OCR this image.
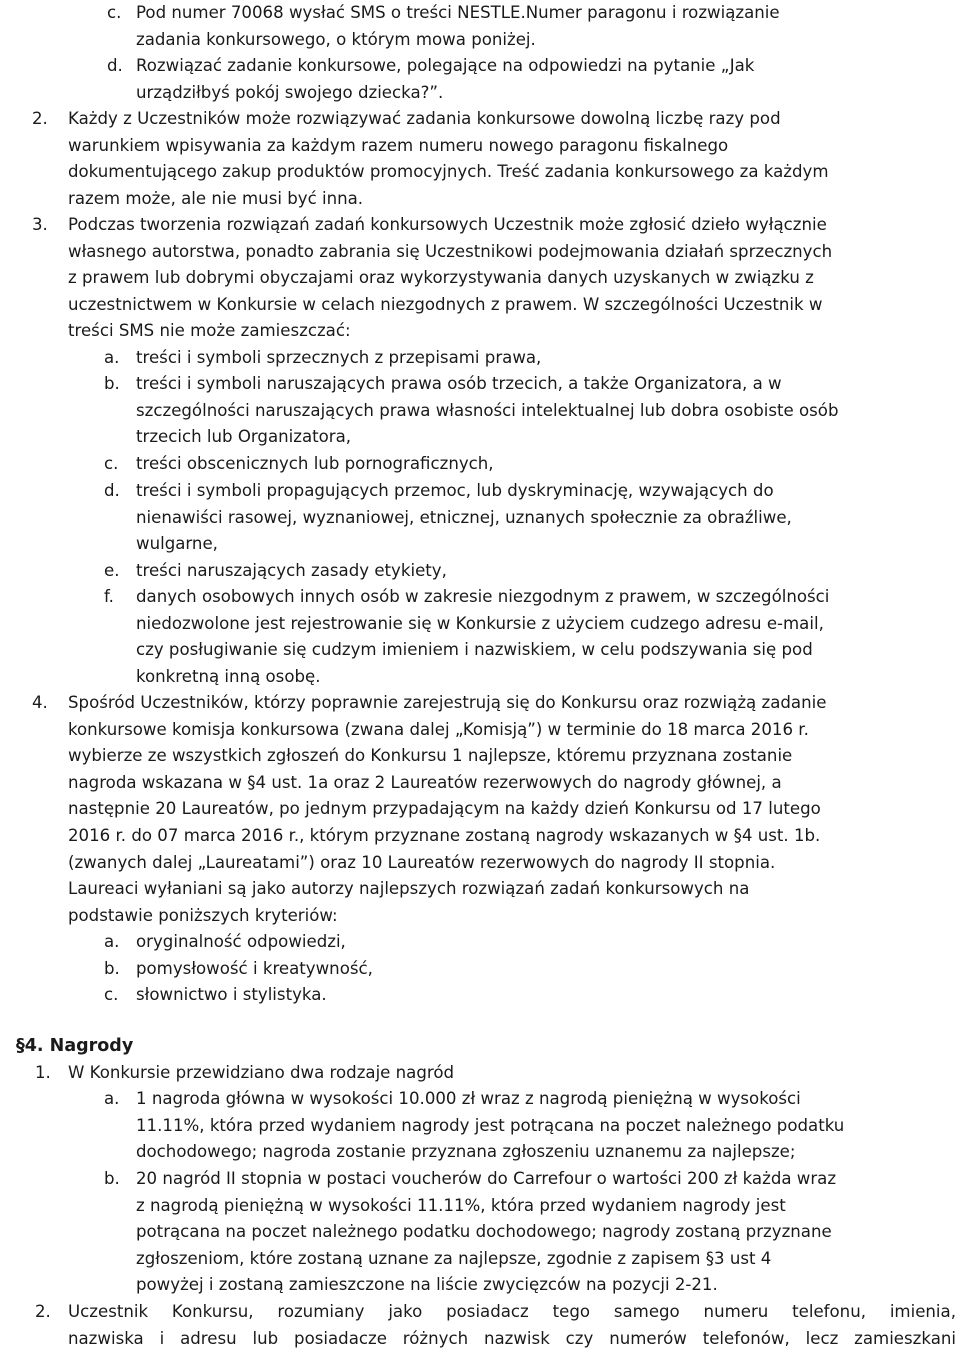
c. Pod numer 70068 wysłać SMS o treści NESTLE.Numer paragonu i rozwiązanie
zadania konkursowego, o którym mowa poniżej.
d. Rozwiązać zadanie konkursowe, polegające na odpowiedzi na pytanie „Jak
urządziłbyś pokój swojego dziecka?”.
2. Każdy z Uczestników może rozwiązywać zadania konkursowe dowolną liczbę razy pod
warunkiem wpisywania za każdym razem numeru nowego paragonu fiskalnego
dokumentującego zakup produktów promocyjnych. Treść zadania konkursowego za każdym
razem może, ale nie musi być inna.
3. Podczas tworzenia rozwiązań zadań konkursowych Uczestnik może zgłosić dzieło wyłącznie
własnego autorstwa, ponadto zabrania się Uczestnikowi podejmowania działań sprzecznych
z prawem lub dobrymi obyczajami oraz wykorzystywania danych uzyskanych w związku z
uczestnictwem w Konkursie w celach niezgodnych z prawem. W szczególności Uczestnik w
treści SMS nie może zamieszczać:
a. treści i symboli sprzecznych z przepisami prawa,
b. treści i symboli naruszających prawa osób trzecich, a także Organizatora, a w
szczególności naruszających prawa własności intelektualnej lub dobra osobiste osób
trzecich lub Organizatora,
c. treści obscenicznych lub pornograficznych,
d. treści i symboli propagujących przemoc, lub dyskryminację, wzywających do
nienawiści rasowej, wyznaniowej, etnicznej, uznanych społecznie za obraźliwe,
wulgarne,
e. treści naruszających zasady etykiety,
f. danych osobowych innych osób w zakresie niezgodnym z prawem, w szczególności
niedozwolone jest rejestrowanie się w Konkursie z użyciem cudzego adresu e-mail,
czy posługiwanie się cudzym imieniem i nazwiskiem, w celu podszywania się pod
konkretną inną osobę.
4. Spośród Uczestników, którzy poprawnie zarejestrują się do Konkursu oraz rozwiążą zadanie
konkursowe komisja konkursowa (zwana dalej „Komisją”) w terminie do 18 marca 2016 r.
wybierze ze wszystkich zgłoszeń do Konkursu 1 najlepsze, któremu przyznana zostanie
nagroda wskazana w §4 ust. 1a oraz 2 Laureatów rezerwowych do nagrody głównej, a
następnie 20 Laureatów, po jednym przypadającym na każdy dzień Konkursu od 17 lutego
2016 r. do 07 marca 2016 r., którym przyznane zostaną nagrody wskazanych w §4 ust. 1b.
(zwanych dalej „Laureatami”) oraz 10 Laureatów rezerwowych do nagrody II stopnia.
Laureaci wyłaniani są jako autorzy najlepszych rozwiązań zadań konkursowych na
podstawie poniższych kryteriów:
a. oryginalność odpowiedzi,
b. pomysłowość i kreatywność,
c. słownictwo i stylistyka.
§4. Nagrody
1. W Konkursie przewidziano dwa rodzaje nagród
a. 1 nagroda główna w wysokości 10.000 zł wraz z nagrodą pieniężną w wysokości
11.11%, która przed wydaniem nagrody jest potrącana na poczet należnego podatku
dochodowego; nagroda zostanie przyznana zgłoszeniu uznanemu za najlepsze;
b. 20 nagród II stopnia w postaci voucherów do Carrefour o wartości 200 zł każda wraz
z nagrodą pieniężną w wysokości 11.11%, która przed wydaniem nagrody jest
potrącana na poczet należnego podatku dochodowego; nagrody zostaną przyznane
zgłoszeniom, które zostaną uznane za najlepsze, zgodnie z zapisem §3 ust 4
powyżej i zostaną zamieszczone na liście zwycięzców na pozycji 2-21.
2. Uczestnik Konkursu, rozumiany jako posiadacz tego samego numeru telefonu, imienia,
nazwiska i adresu lub posiadacze różnych nazwisk czy numerów telefonów, lecz zamieszkani
